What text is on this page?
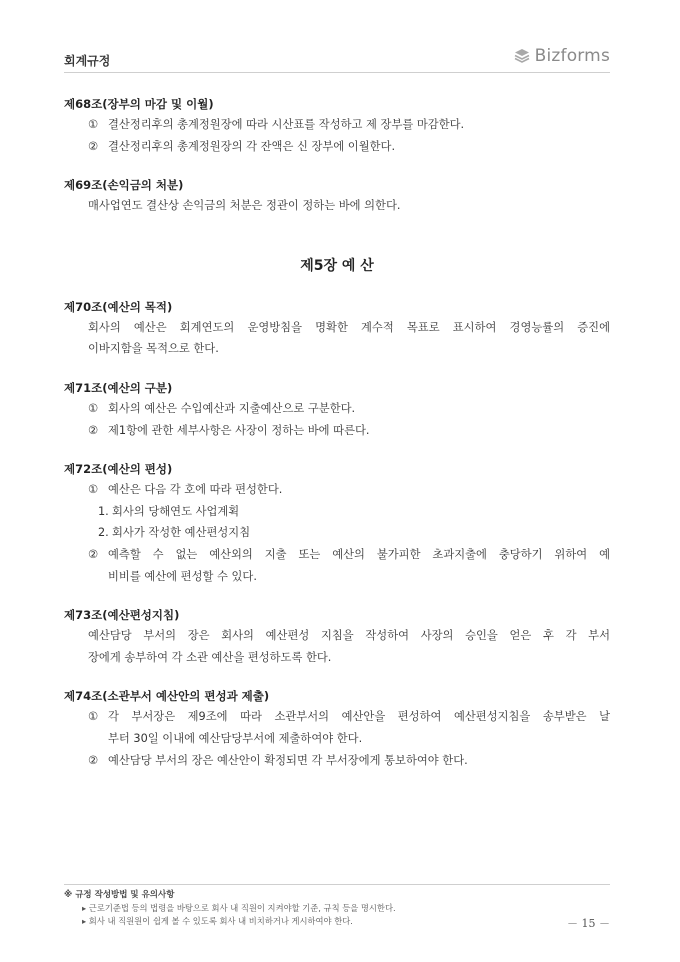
회계규정	Bizforms
제68조(장부의 마감 및 이월)
① 결산정리후의 총계정원장에 따라 시산표를 작성하고 제 장부를 마감한다.
② 결산정리후의 총계정원장의 각 잔액은 신 장부에 이월한다.
제69조(손익금의 처분)
매사업연도 결산상 손익금의 처분은 정관이 정하는 바에 의한다.
제5장 예 산
제70조(예산의 목적)
회사의 예산은 회계연도의 운영방침을 명확한 계수적 목표로 표시하여 경영능률의 증진에
이바지함을 목적으로 한다.
제71조(예산의 구분)
① 회사의 예산은 수입예산과 지출예산으로 구분한다.
② 제1항에 관한 세부사항은 사장이 정하는 바에 따른다.
제72조(예산의 편성)
① 예산은 다음 각 호에 따라 편성한다.
1. 회사의 당해연도 사업계획
2. 회사가 작성한 예산편성지침
② 예측할 수 없는 예산외의 지출 또는 예산의 불가피한 초과지출에 충당하기 위하여 예
비비를 예산에 편성할 수 있다.
제73조(예산편성지침)
예산담당 부서의 장은 회사의 예산편성 지침을 작성하여 사장의 승인을 얻은 후 각 부서
장에게 송부하여 각 소관 예산을 편성하도록 한다.
제74조(소관부서 예산안의 편성과 제출)
① 각 부서장은 제9조에 따라 소관부서의 예산안을 편성하여 예산편성지침을 송부받은 날
부터 30일 이내에 예산담당부서에 제출하여야 한다.
② 예산담당 부서의 장은 예산안이 확정되면 각 부서장에게 통보하여야 한다.
※ 규정 작성방법 및 유의사항
▸ 근로기준법 등의 법령을 바탕으로 회사 내 직원이 지켜야할 기준, 규칙 등을 명시한다.
▸ 회사 내 직원원이 쉽게 볼 수 있도록 회사 내 비치하거나 게시하여야 한다.	－ 15 －
